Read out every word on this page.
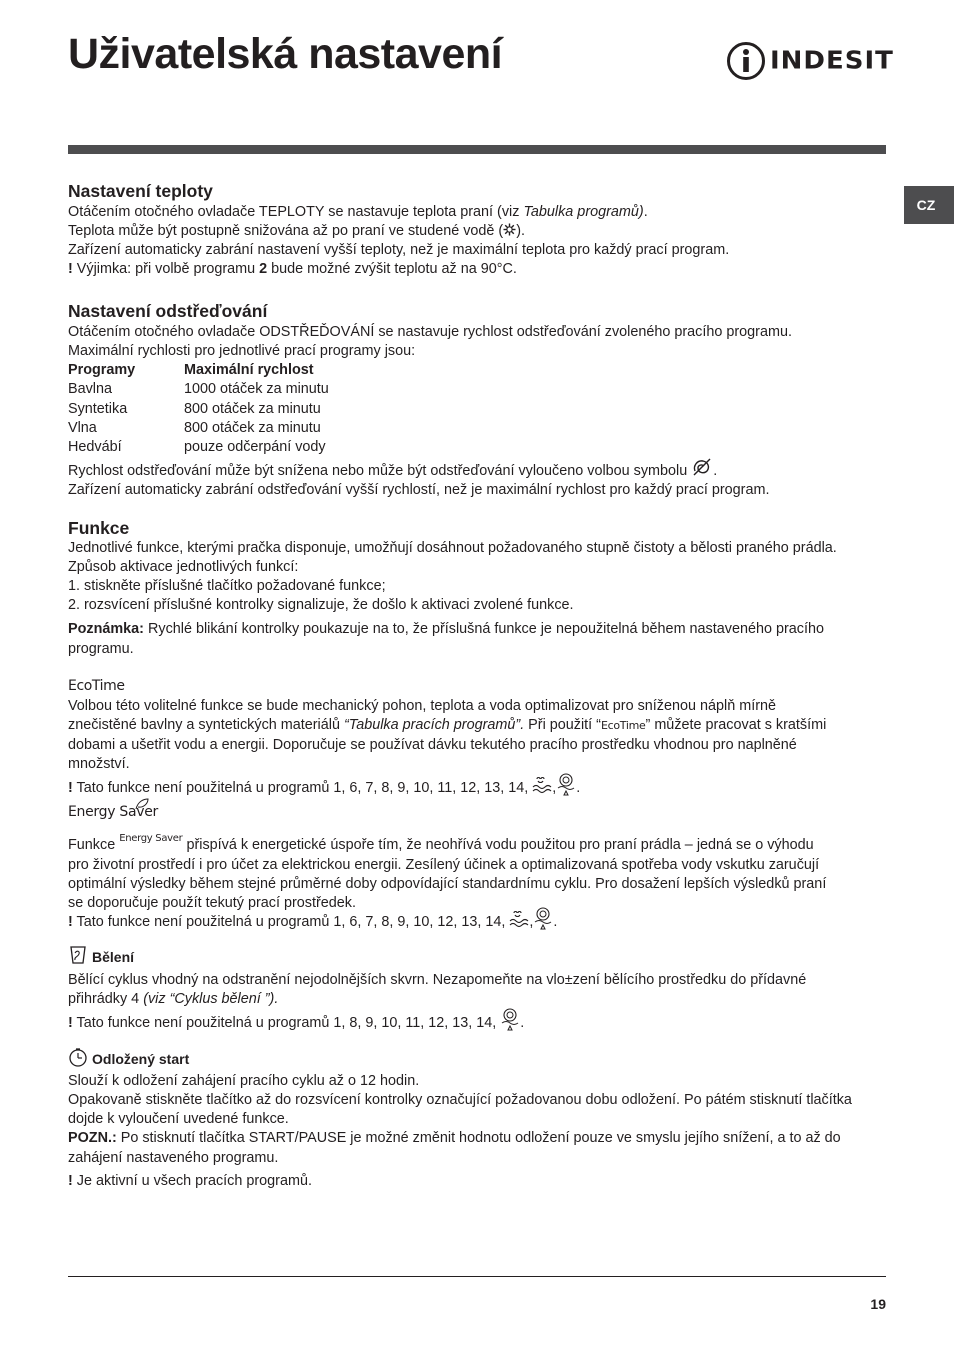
Uživatelská nastavení	INDESIT
CZ
Nastavení teploty
Otáčením otočného ovladače TEPLOTY se nastavuje teplota praní (viz Tabulka programů).
Teplota může být postupně snižována až po praní ve studené vodě ( ).
Zařízení automaticky zabrání nastavení vyšší teploty, než je maximální teplota pro každý prací program.
! Výjimka: při volbě programu 2 bude možné zvýšit teplotu až na 90°C.
Nastavení odstřeďování
Otáčením otočného ovladače ODSTŘEĎOVÁNÍ se nastavuje rychlost odstřeďování zvoleného pracího programu.
Maximální rychlosti pro jednotlivé prací programy jsou:
Programy	Maximální rychlost
Bavlna	1000 otáček za minutu
Syntetika	800 otáček za minutu
Vlna	800 otáček za minutu
Hedvábí	pouze odčerpání vody
Rychlost odstřeďování může být snížena nebo může být odstřeďování vyloučeno volbou symbolu .
Zařízení automaticky zabrání odstřeďování vyšší rychlostí, než je maximální rychlost pro každý prací program.
Funkce
Jednotlivé funkce, kterými pračka disponuje, umožňují dosáhnout požadovaného stupně čistoty a bělosti praného prádla.
Způsob aktivace jednotlivých funkcí:
1. stiskněte příslušné tlačítko požadované funkce;
2. rozsvícení příslušné kontrolky signalizuje, že došlo k aktivaci zvolené funkce.
Poznámka: Rychlé blikání kontrolky poukazuje na to, že příslušná funkce je nepoužitelná během nastaveného pracího
programu.
EcoTime
Volbou této volitelné funkce se bude mechanický pohon, teplota a voda optimalizovat pro sníženou náplň mírně
znečistěné bavlny a syntetických materiálů “Tabulka pracích programů”. Při použití “EcoTime” můžete pracovat s kratšími
dobami a ušetřit vodu a energii. Doporučuje se používat dávku tekutého pracího prostředku vhodnou pro naplněné
množství.
! Tato funkce není použitelná u programů 1, 6, 7, 8, 9, 10, 11, 12, 13, 14, , .
Energy Saver
Funkce $^{Energy Saver}$ přispívá k energetické úspoře tím, že neohřívá vodu použitou pro praní prádla – jedná se o výhodu
pro životní prostředí i pro účet za elektrickou energii. Zesílený účinek a optimalizovaná spotřeba vody vskutku zaručují
optimální výsledky během stejné průměrné doby odpovídající standardnímu cyklu. Pro dosažení lepších výsledků praní
se doporučuje použít tekutý prací prostředek.
! Tato funkce není použitelná u programů 1, 6, 7, 8, 9, 10, 12, 13, 14, , .
Bělení
Bělící cyklus vhodný na odstranění nejodolnějších skvrn. Nezapomeňte na vlo±zení bělícího prostředku do přídavné
přihrádky 4 (viz “Cyklus bělení ”).
! Tato funkce není použitelná u programů 1, 8, 9, 10, 11, 12, 13, 14, .
Odložený start
Slouží k odložení zahájení pracího cyklu až o 12 hodin.
Opakovaně stiskněte tlačítko až do rozsvícení kontrolky označující požadovanou dobu odložení. Po pátém stisknutí tlačítka
dojde k vyloučení uvedené funkce.
POZN.: Po stisknutí tlačítka START/PAUSE je možné změnit hodnotu odložení pouze ve smyslu jejího snížení, a to až do
zahájení nastaveného programu.
! Je aktivní u všech pracích programů.
19
